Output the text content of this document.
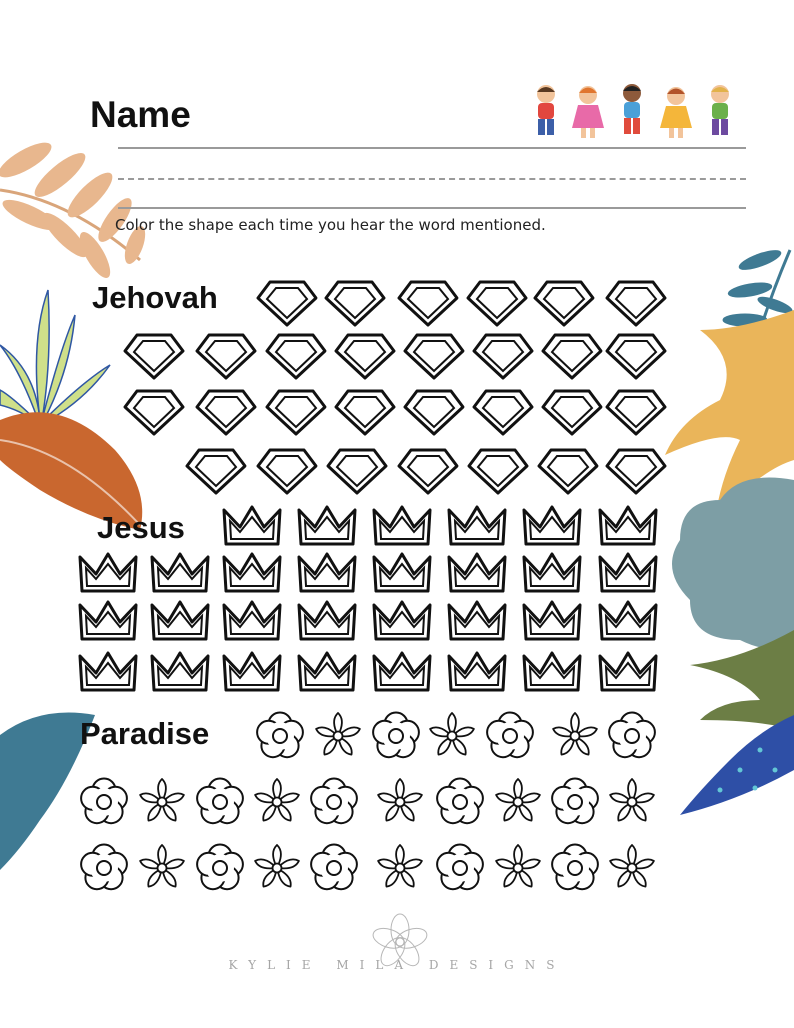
Name
Color the shape each time you hear the word mentioned.
Jehovah
Jesus
Paradise
KYLIE MILA DESIGNS
